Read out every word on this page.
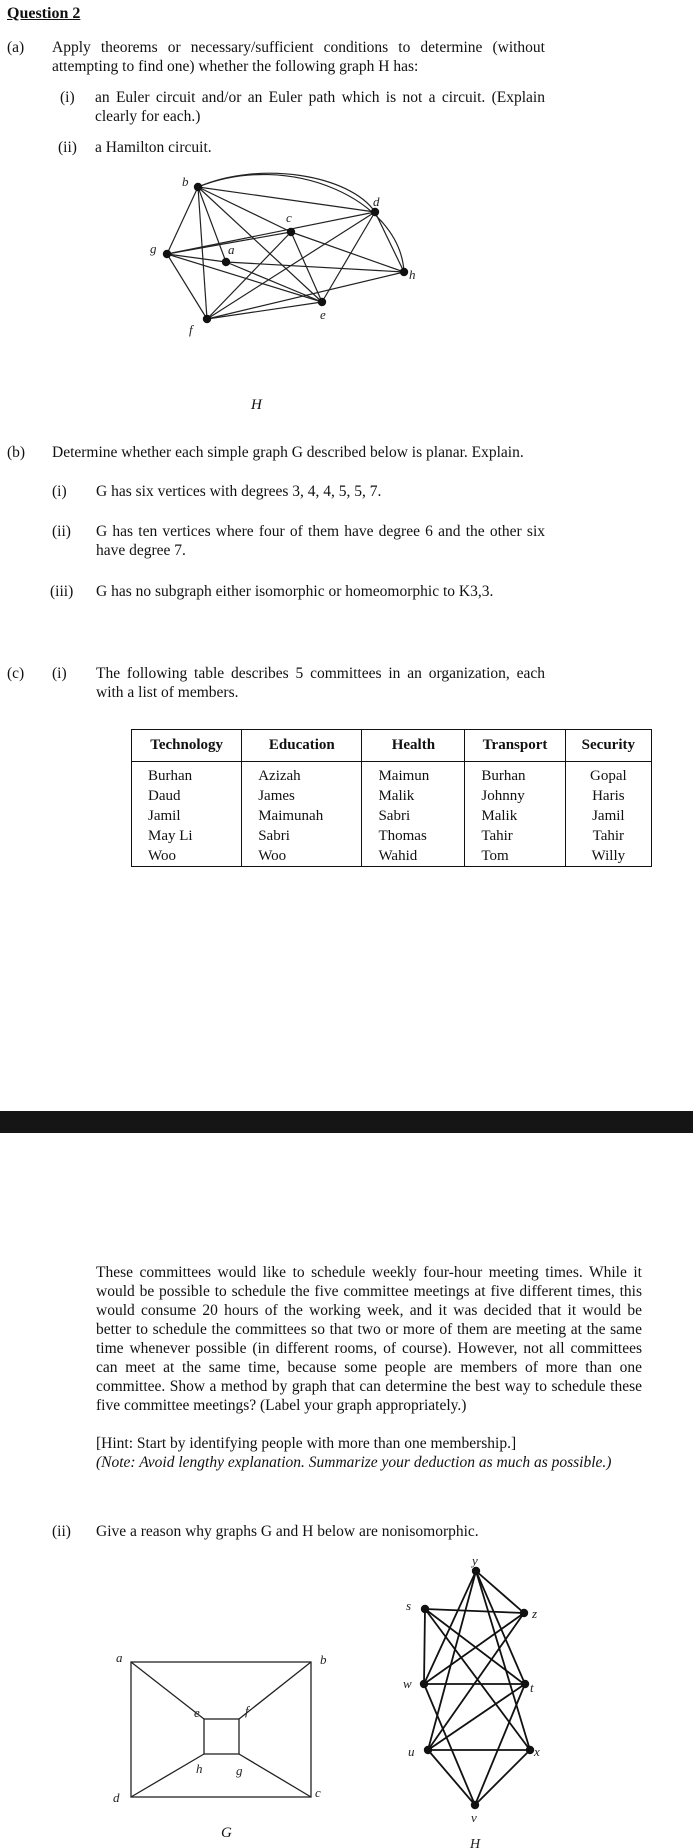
Question 2
(a) Apply theorems or necessary/sufficient conditions to determine (without attempting to find one) whether the following graph H has:
(i) an Euler circuit and/or an Euler path which is not a circuit. (Explain clearly for each.)
(ii) a Hamilton circuit.
b
c
d
g	a
h
e
f
H
(b) Determine whether each simple graph G described below is planar. Explain.
(i) G has six vertices with degrees 3, 4, 4, 5, 5, 7.
(ii) G has ten vertices where four of them have degree 6 and the other six have degree 7.
(iii) G has no subgraph either isomorphic or homeomorphic to K3,3.
(c) (i) The following table describes 5 committees in an organization, each with a list of members.
Technology	Education	Health	Transport	Security
Burhan	Azizah	Maimun	Burhan	Gopal
Daud	James	Malik	Johnny	Haris
Jamil	Maimunah	Sabri	Malik	Jamil
May Li	Sabri	Thomas	Tahir	Tahir
Woo	Woo	Wahid	Tom	Willy
These committees would like to schedule weekly four-hour meeting times. While it would be possible to schedule the five committee meetings at five different times, this would consume 20 hours of the working week, and it was decided that it would be better to schedule the committees so that two or more of them are meeting at the same time whenever possible (in different rooms, of course). However, not all committees can meet at the same time, because some people are members of more than one committee. Show a method by graph that can determine the best way to schedule these five committee meetings? (Label your graph appropriately.)
[Hint: Start by identifying people with more than one membership.]
(Note: Avoid lengthy explanation. Summarize your deduction as much as possible.)
(ii) Give a reason why graphs G and H below are nonisomorphic.
a	b
c
d
e	f
h	g
G
y
s
z
w	t
u	x
v
H
